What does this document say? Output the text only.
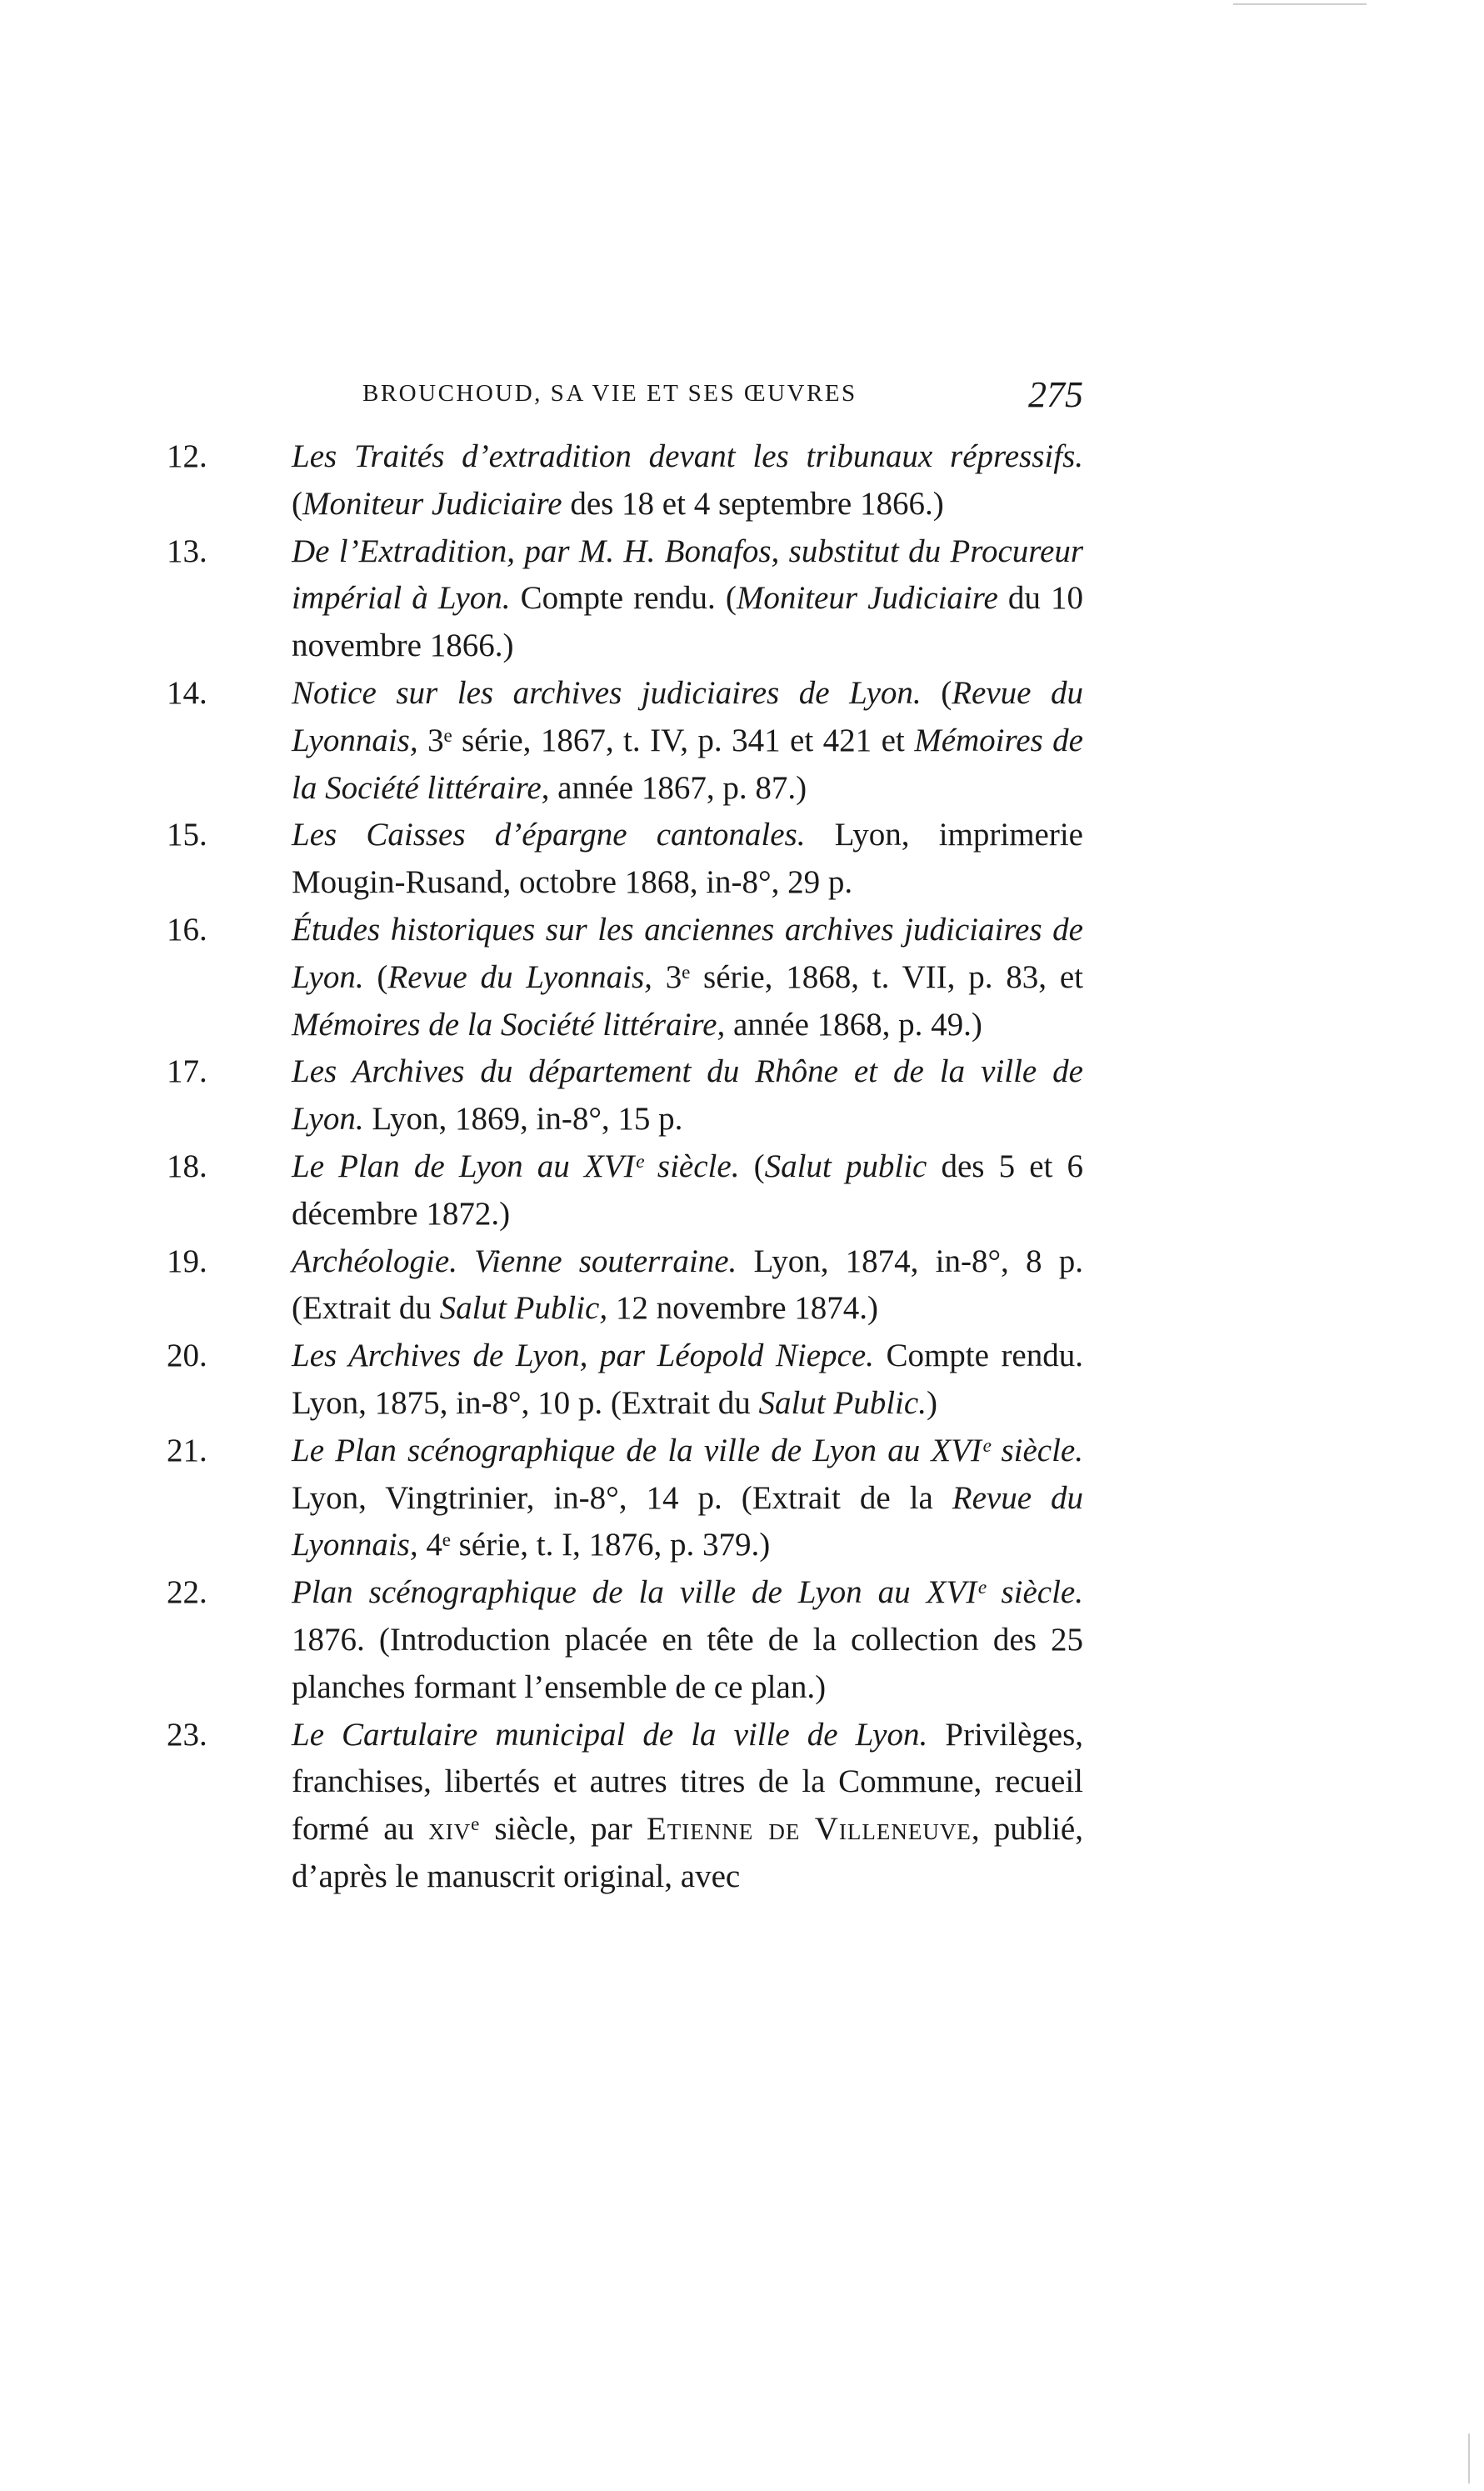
BROUCHOUD, SA VIE ET SES ŒUVRES	275
12.	Les Traités d’extradition devant les tribunaux répressifs. (Moniteur Judiciaire des 18 et 4 septembre 1866.)
13.	De l’Extradition, par M. H. Bonafos, substitut du Procureur impérial à Lyon. Compte rendu. (Moniteur Judiciaire du 10 novembre 1866.)
14.	Notice sur les archives judiciaires de Lyon. (Revue du Lyonnais, 3ᵉ série, 1867, t. IV, p. 341 et 421 et Mémoires de la Société littéraire, année 1867, p. 87.)
15.	Les Caisses d’épargne cantonales. Lyon, imprimerie Mougin-Rusand, octobre 1868, in-8°, 29 p.
16.	Études historiques sur les anciennes archives judiciaires de Lyon. (Revue du Lyonnais, 3ᵉ série, 1868, t. VII, p. 83, et Mémoires de la Société littéraire, année 1868, p. 49.)
17.	Les Archives du département du Rhône et de la ville de Lyon. Lyon, 1869, in-8°, 15 p.
18.	Le Plan de Lyon au XVIᵉ siècle. (Salut public des 5 et 6 décembre 1872.)
19.	Archéologie. Vienne souterraine. Lyon, 1874, in-8°, 8 p. (Extrait du Salut Public, 12 novembre 1874.)
20.	Les Archives de Lyon, par Léopold Niepce. Compte rendu. Lyon, 1875, in-8°, 10 p. (Extrait du Salut Public.)
21.	Le Plan scénographique de la ville de Lyon au XVIᵉ siècle. Lyon, Vingtrinier, in-8°, 14 p. (Extrait de la Revue du Lyonnais, 4ᵉ série, t. I, 1876, p. 379.)
22.	Plan scénographique de la ville de Lyon au XVIᵉ siècle. 1876. (Introduction placée en tête de la collection des 25 planches formant l’ensemble de ce plan.)
23.	Le Cartulaire municipal de la ville de Lyon. Privilèges, franchises, libertés et autres titres de la Commune, recueil formé au xivᵉ siècle, par Etienne de Villeneuve, publié, d’après le manuscrit original, avec
